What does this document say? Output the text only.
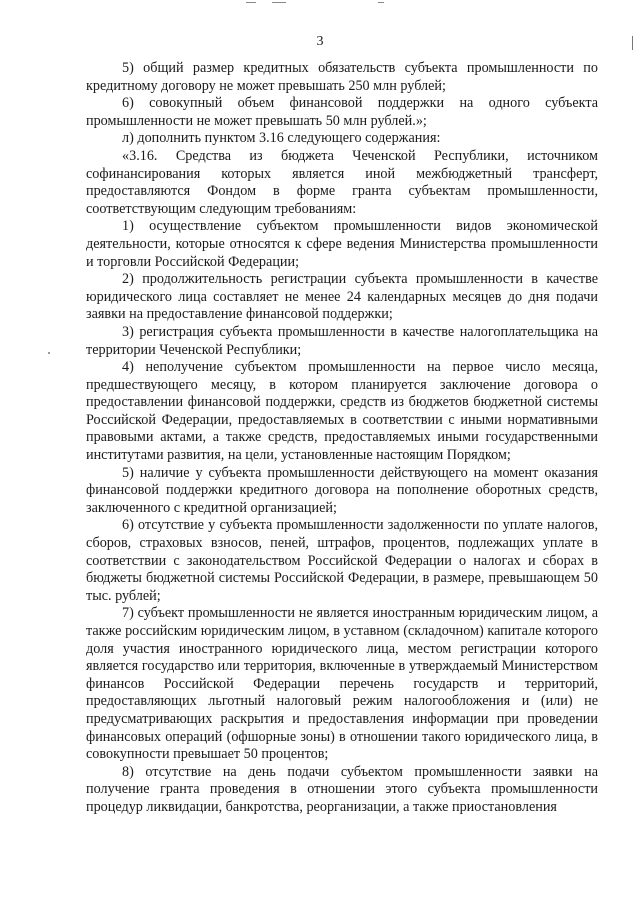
3

5) общий размер кредитных обязательств субъекта промышленности по кредитному договору не может превышать 250 млн рублей;

6) совокупный объем финансовой поддержки на одного субъекта промышленности не может превышать 50 млн рублей.»;

л) дополнить пунктом 3.16 следующего содержания:

«3.16. Средства из бюджета Чеченской Республики, источником софинансирования которых является иной межбюджетный трансферт, предоставляются Фондом в форме гранта субъектам промышленности, соответствующим следующим требованиям:

1) осуществление субъектом промышленности видов экономической деятельности, которые относятся к сфере ведения Министерства промышленности и торговли Российской Федерации;

2) продолжительность регистрации субъекта промышленности в качестве юридического лица составляет не менее 24 календарных месяцев до дня подачи заявки на предоставление финансовой поддержки;

3) регистрация субъекта промышленности в качестве налогоплательщика на территории Чеченской Республики;

4) неполучение субъектом промышленности на первое число месяца, предшествующего месяцу, в котором планируется заключение договора о предоставлении финансовой поддержки, средств из бюджетов бюджетной системы Российской Федерации, предоставляемых в соответствии с иными нормативными правовыми актами, а также средств, предоставляемых иными государственными институтами развития, на цели, установленные настоящим Порядком;

5) наличие у субъекта промышленности действующего на момент оказания финансовой поддержки кредитного договора на пополнение оборотных средств, заключенного с кредитной организацией;

6) отсутствие у субъекта промышленности задолженности по уплате налогов, сборов, страховых взносов, пеней, штрафов, процентов, подлежащих уплате в соответствии с законодательством Российской Федерации о налогах и сборах в бюджеты бюджетной системы Российской Федерации, в размере, превышающем 50 тыс. рублей;

7) субъект промышленности не является иностранным юридическим лицом, а также российским юридическим лицом, в уставном (складочном) капитале которого доля участия иностранного юридического лица, местом регистрации которого является государство или территория, включенные в утверждаемый Министерством финансов Российской Федерации перечень государств и территорий, предоставляющих льготный налоговый режим налогообложения и (или) не предусматривающих раскрытия и предоставления информации при проведении финансовых операций (офшорные зоны) в отношении такого юридического лица, в совокупности превышает 50 процентов;

8) отсутствие на день подачи субъектом промышленности заявки на получение гранта проведения в отношении этого субъекта промышленности процедур ликвидации, банкротства, реорганизации, а также приостановления
